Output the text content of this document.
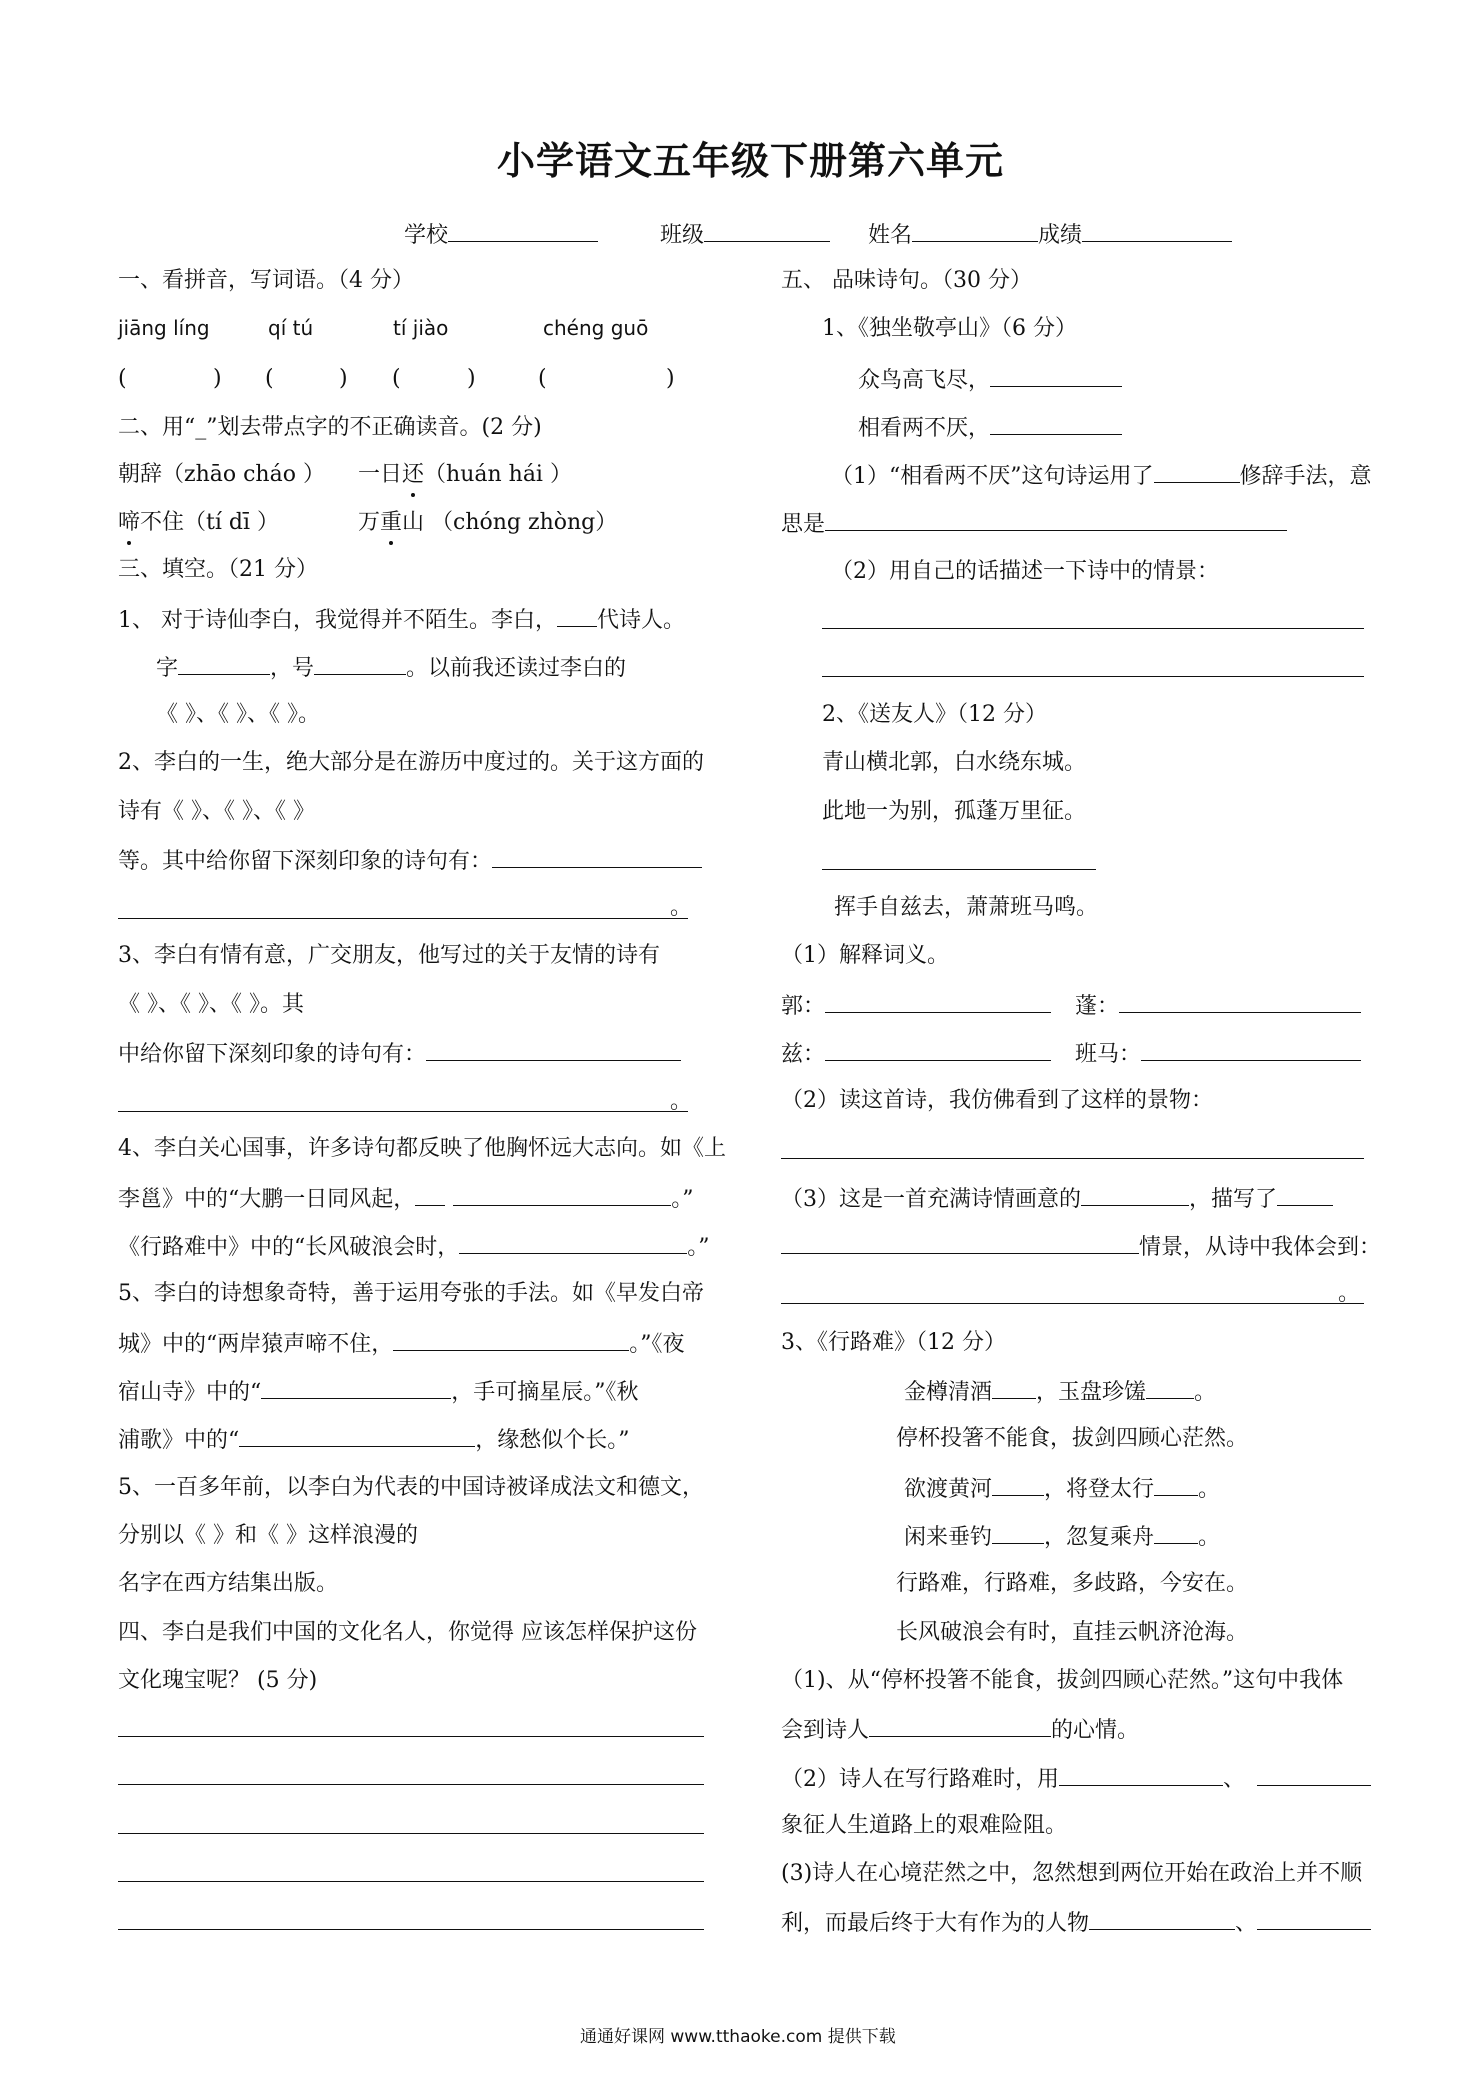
小学语文五年级下册第六单元
学校	班级	姓名	成绩
一、看拼音，写词语。（4 分）
jiāng líng	qí tú	tí jiào	chéng guō
(	) (	) (	)	(	)
二、用“_”划去带点字的不正确读音。(2 分)
朝辞（zhāo cháo ） 一日还（huán hái ）
啼不住（tí dī ）	万重山 （chóng zhòng）
三、填空。（21 分）
1、 对于诗仙李白，我觉得并不陌生。李白， 代诗人。
字	，号	。以前我还读过李白的
《 》、《 》、《 》。
2、李白的一生，绝大部分是在游历中度过的。关于这方面的
诗有《 》、《 》、《 》
等。其中给你留下深刻印象的诗句有：
。
3、李白有情有意，广交朋友，他写过的关于友情的诗有
《 》、《 》、《 》。其
中给你留下深刻印象的诗句有：
。
4、李白关心国事，许多诗句都反映了他胸怀远大志向。如《上
李邕》中的“大鹏一日同风起，	。”
《行路难中》中的“长风破浪会时，	。”
5、李白的诗想象奇特，善于运用夸张的手法。如《早发白帝
城》中的“两岸猿声啼不住，	。”《夜
宿山寺》中的“	，手可摘星辰。”《秋
浦歌》中的“	，缘愁似个长。”
5、一百多年前，以李白为代表的中国诗被译成法文和德文，
分别以《 》和《 》这样浪漫的
名字在西方结集出版。
四、李白是我们中国的文化名人，你觉得 应该怎样保护这份
文化瑰宝呢？ (5 分)
五、 品味诗句。（30 分）
1、《独坐敬亭山》（6 分）
众鸟高飞尽，
相看两不厌，
（1）“相看两不厌”这句诗运用了	修辞手法，意
思是
（2）用自己的话描述一下诗中的情景：
2、《送友人》（12 分）
青山横北郭，白水绕东城。
此地一为别，孤蓬万里征。
挥手自兹去，萧萧班马鸣。
（1）解释词义。
郭：	蓬：
兹：	班马：
（2）读这首诗，我仿佛看到了这样的景物：
（3）这是一首充满诗情画意的	，描写了
情景，从诗中我体会到：
。
3、《行路难》（12 分）
金樽清酒 ，玉盘珍馐 。
停杯投箸不能食，拔剑四顾心茫然。
欲渡黄河 ，将登太行 。
闲来垂钓 ，忽复乘舟 。
行路难，行路难，多歧路，今安在。
长风破浪会有时，直挂云帆济沧海。
（1)、从“停杯投箸不能食，拔剑四顾心茫然。”这句中我体
会到诗人	的心情。
（2）诗人在写行路难时，用	、
象征人生道路上的艰难险阻。
(3)诗人在心境茫然之中，忽然想到两位开始在政治上并不顺
利，而最后终于大有作为的人物	、
通通好课网 www.tthaoke.com 提供下载
